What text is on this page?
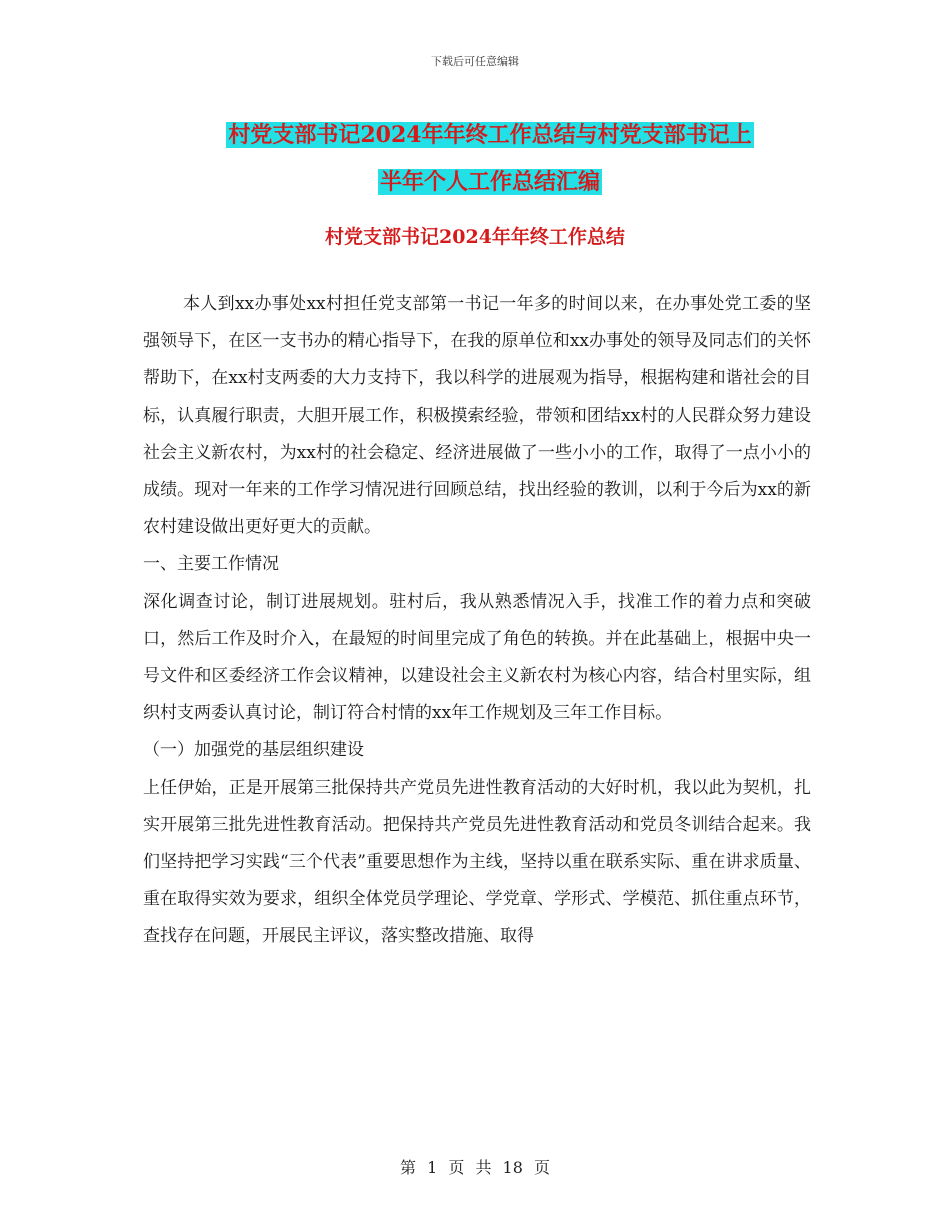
下载后可任意编辑
村党支部书记2024年年终工作总结与村党支部书记上
半年个人工作总结汇编
村党支部书记2024年年终工作总结

本人到xx办事处xx村担任党支部第一书记一年多的时间以来，在办事处党工委的坚强领导下，在区一支书办的精心指导下，在我的原单位和xx办事处的领导及同志们的关怀帮助下，在xx村支两委的大力支持下，我以科学的进展观为指导，根据构建和谐社会的目标，认真履行职责，大胆开展工作，积极摸索经验，带领和团结xx村的人民群众努力建设社会主义新农村，为xx村的社会稳定、经济进展做了一些小小的工作，取得了一点小小的成绩。现对一年来的工作学习情况进行回顾总结，找出经验的教训，以利于今后为xx的新农村建设做出更好更大的贡献。

一、主要工作情况

深化调查讨论，制订进展规划。驻村后，我从熟悉情况入手，找准工作的着力点和突破口，然后工作及时介入，在最短的时间里完成了角色的转换。并在此基础上，根据中央一号文件和区委经济工作会议精神，以建设社会主义新农村为核心内容，结合村里实际，组织村支两委认真讨论，制订符合村情的xx年工作规划及三年工作目标。

（一）加强党的基层组织建设

上任伊始，正是开展第三批保持共产党员先进性教育活动的大好时机，我以此为契机，扎实开展第三批先进性教育活动。把保持共产党员先进性教育活动和党员冬训结合起来。我们坚持把学习实践“三个代表”重要思想作为主线，坚持以重在联系实际、重在讲求质量、重在取得实效为要求，组织全体党员学理论、学党章、学形式、学模范、抓住重点环节，查找存在问题，开展民主评议，落实整改措施、取得

第 1 页 共 18 页
